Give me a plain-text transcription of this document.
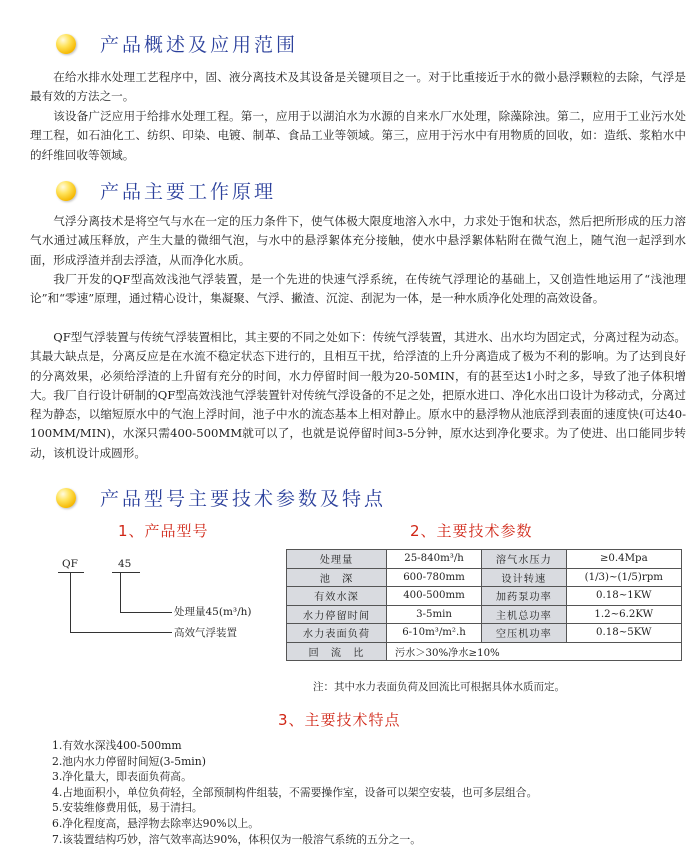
产品概述及应用范围
在给水排水处理工艺程序中，固、液分离技术及其设备是关键项目之一。对于比重接近于水的微小悬浮颗粒的去除，气浮是最有效的方法之一。
该设备广泛应用于给排水处理工程。第一，应用于以湖泊水为水源的自来水厂水处理，除藻除浊。第二，应用于工业污水处理工程，如石油化工、纺织、印染、电镀、制革、食品工业等领域。第三，应用于污水中有用物质的回收，如：造纸、浆粕水中的纤维回收等领域。
产品主要工作原理
气浮分离技术是将空气与水在一定的压力条件下，使气体极大限度地溶入水中，力求处于饱和状态，然后把所形成的压力溶气水通过减压释放，产生大量的微细气泡，与水中的悬浮絮体充分接触，使水中悬浮絮体粘附在微气泡上，随气泡一起浮到水面，形成浮渣并刮去浮渣，从而净化水质。
我厂开发的QF型高效浅池气浮装置，是一个先进的快速气浮系统，在传统气浮理论的基础上，又创造性地运用了“浅池理论”和“零速”原理，通过精心设计，集凝聚、气浮、撇渣、沉淀、刮泥为一体，是一种水质净化处理的高效设备。
QF型气浮装置与传统气浮装置相比，其主要的不同之处如下：传统气浮装置，其进水、出水均为固定式，分离过程为动态。其最大缺点是，分离反应是在水流不稳定状态下进行的，且相互干扰，给浮渣的上升分离造成了极为不利的影响。为了达到良好的分离效果，必须给浮渣的上升留有充分的时间，水力停留时间一般为20-50MIN，有的甚至达1小时之多，导致了池子体积增大。我厂自行设计研制的QF型高效浅池气浮装置针对传统气浮设备的不足之处，把原水进口、净化水出口设计为移动式，分离过程为静态，以缩短原水中的气泡上浮时间，池子中水的流态基本上相对静止。原水中的悬浮物从池底浮到表面的速度快(可达40-100MM/MIN)，水深只需400-500MM就可以了，也就是说停留时间3-5分钟，原水达到净化要求。为了使进、出口能同步转动，该机设计成圆形。
产品型号主要技术参数及特点
1、产品型号
QF	45
处理量45(m³/h)
高效气浮装置
2、主要技术参数
处理量	25-840m³/h	溶气水压力	≥0.4Mpa
池　深	600-780mm	设计转速	(1/3)~(1/5)rpm
有效水深	400-500mm	加药泵功率	0.18~1KW
水力停留时间	3-5min	主机总功率	1.2~6.2KW
水力表面负荷	6-10m³/m².h	空压机功率	0.18~5KW
回　流　比	污水＞30%净水≥10%		
注：其中水力表面负荷及回流比可根据具体水质而定。
3、主要技术特点
1.有效水深浅400-500mm
2.池内水力停留时间短(3-5min)
3.净化量大，即表面负荷高。
4.占地面积小，单位负荷轻，全部预制构件组装，不需要操作室，设备可以架空安装，也可多层组合。
5.安装维修费用低，易于清扫。
6.净化程度高，悬浮物去除率达90%以上。
7.该装置结构巧妙，溶气效率高达90%，体积仅为一般溶气系统的五分之一。
